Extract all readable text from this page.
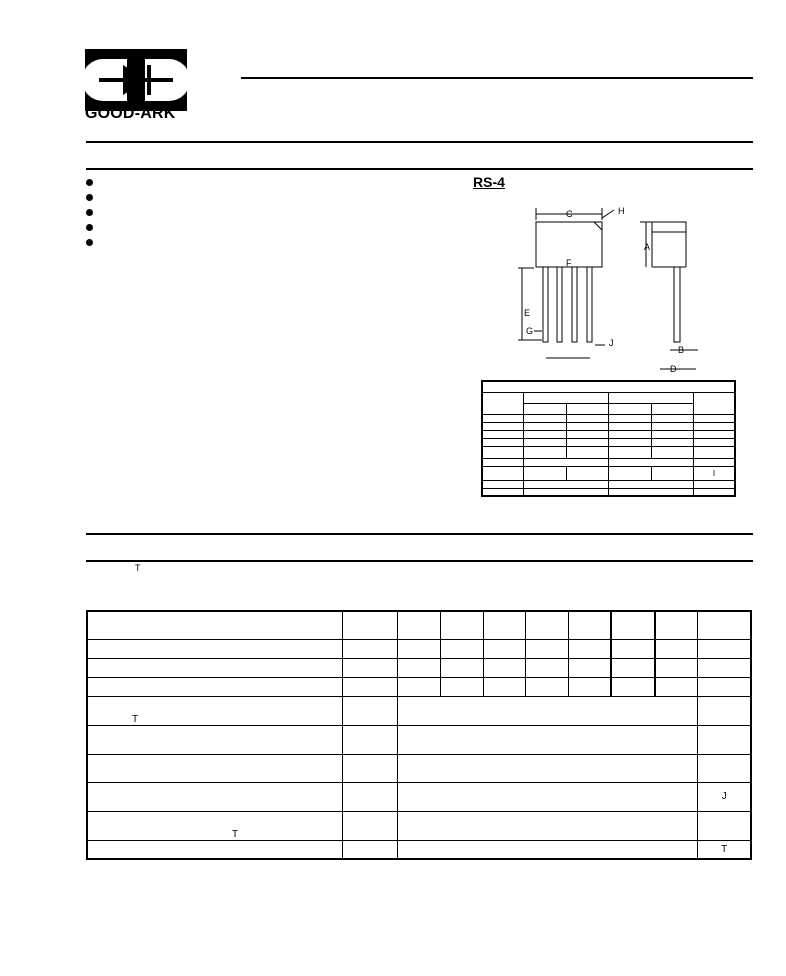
GOOD-ARK
RS-4
C	H
A
E
G
J
B
D
F

					I

T

T									

									J
T									
									T
